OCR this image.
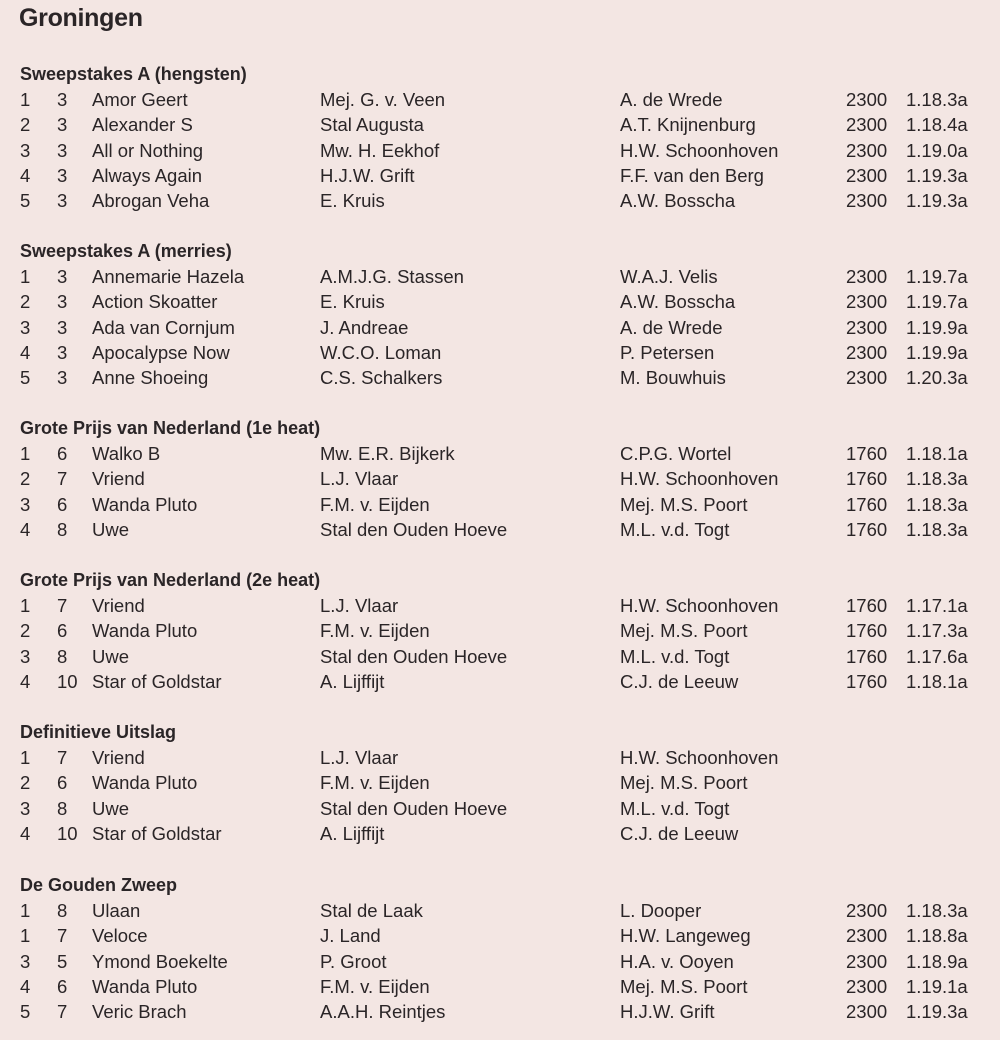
Groningen
Sweepstakes A (hengsten)
1 3 Amor Geert	Mej. G. v. Veen	A. de Wrede	2300 1.18.3a
2 3 Alexander S	Stal Augusta	A.T. Knijnenburg	2300 1.18.4a
3 3 All or Nothing	Mw. H. Eekhof	H.W. Schoonhoven	2300 1.19.0a
4 3 Always Again	H.J.W. Grift	F.F. van den Berg	2300 1.19.3a
5 3 Abrogan Veha	E. Kruis	A.W. Bosscha	2300 1.19.3a
Sweepstakes A (merries)
1 3 Annemarie Hazela	A.M.J.G. Stassen	W.A.J. Velis	2300 1.19.7a
2 3 Action Skoatter	E. Kruis	A.W. Bosscha	2300 1.19.7a
3 3 Ada van Cornjum	J. Andreae	A. de Wrede	2300 1.19.9a
4 3 Apocalypse Now	W.C.O. Loman	P. Petersen	2300 1.19.9a
5 3 Anne Shoeing	C.S. Schalkers	M. Bouwhuis	2300 1.20.3a
Grote Prijs van Nederland (1e heat)
1 6 Walko B	Mw. E.R. Bijkerk	C.P.G. Wortel	1760 1.18.1a
2 7 Vriend	L.J. Vlaar	H.W. Schoonhoven	1760 1.18.3a
3 6 Wanda Pluto	F.M. v. Eijden	Mej. M.S. Poort	1760 1.18.3a
4 8 Uwe	Stal den Ouden Hoeve	M.L. v.d. Togt	1760 1.18.3a
Grote Prijs van Nederland (2e heat)
1 7 Vriend	L.J. Vlaar	H.W. Schoonhoven	1760 1.17.1a
2 6 Wanda Pluto	F.M. v. Eijden	Mej. M.S. Poort	1760 1.17.3a
3 8 Uwe	Stal den Ouden Hoeve	M.L. v.d. Togt	1760 1.17.6a
4 10 Star of Goldstar	A. Lijffijt	C.J. de Leeuw	1760 1.18.1a
Definitieve Uitslag
1 7 Vriend	L.J. Vlaar	H.W. Schoonhoven
2 6 Wanda Pluto	F.M. v. Eijden	Mej. M.S. Poort
3 8 Uwe	Stal den Ouden Hoeve	M.L. v.d. Togt
4 10 Star of Goldstar	A. Lijffijt	C.J. de Leeuw
De Gouden Zweep
1 8 Ulaan	Stal de Laak	L. Dooper	2300 1.18.3a
1 7 Veloce	J. Land	H.W. Langeweg	2300 1.18.8a
3 5 Ymond Boekelte	P. Groot	H.A. v. Ooyen	2300 1.18.9a
4 6 Wanda Pluto	F.M. v. Eijden	Mej. M.S. Poort	2300 1.19.1a
5 7 Veric Brach	A.A.H. Reintjes	H.J.W. Grift	2300 1.19.3a
